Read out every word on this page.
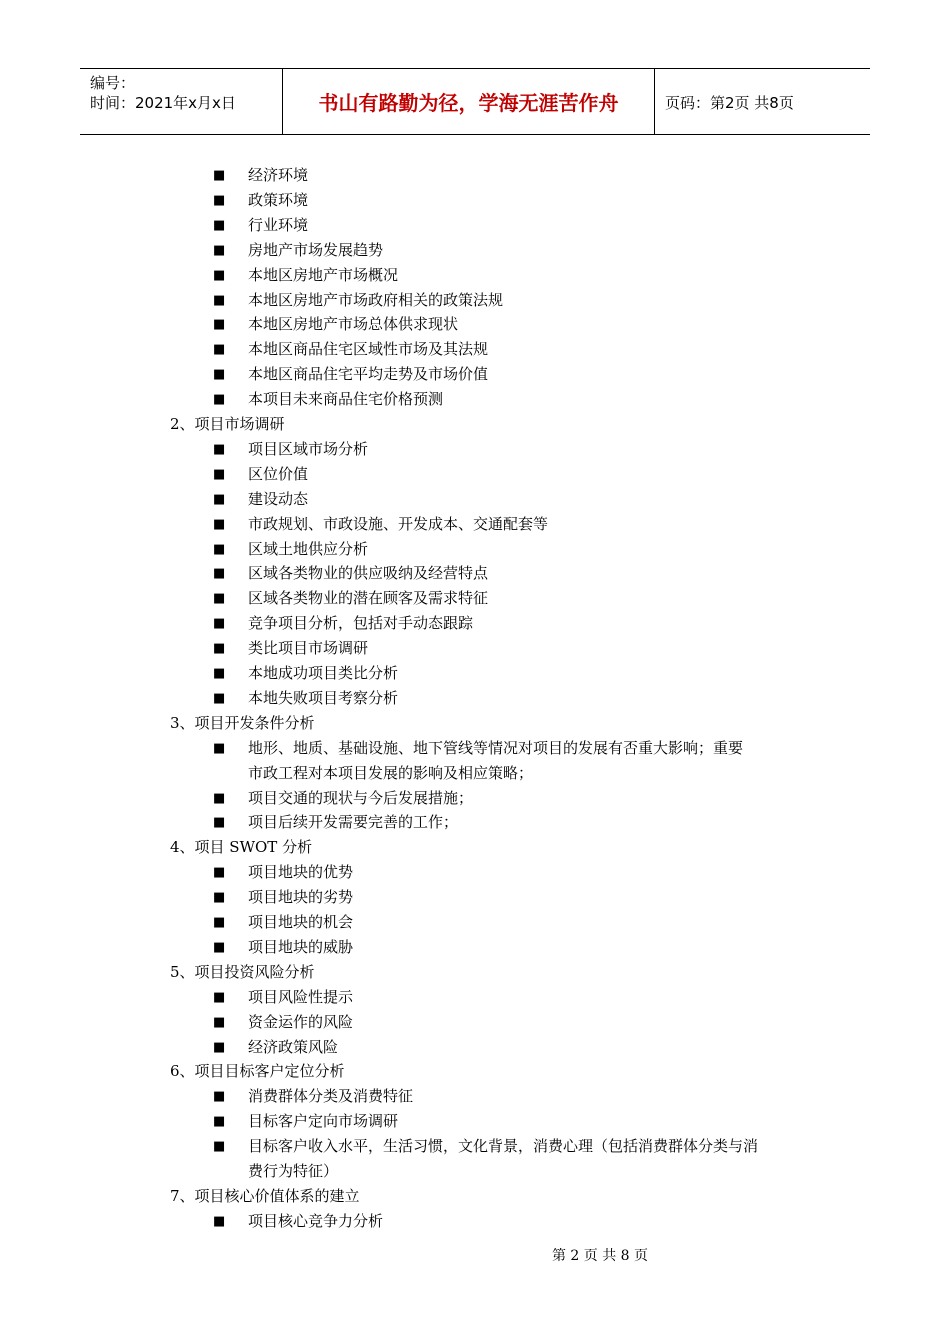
编号：
时间：2021年x月x日	书山有路勤为径，学海无涯苦作舟	页码：第2页 共8页
■ 经济环境
■ 政策环境
■ 行业环境
■ 房地产市场发展趋势
■ 本地区房地产市场概况
■ 本地区房地产市场政府相关的政策法规
■ 本地区房地产市场总体供求现状
■ 本地区商品住宅区域性市场及其法规
■ 本地区商品住宅平均走势及市场价值
■ 本项目未来商品住宅价格预测
2、项目市场调研
■ 项目区域市场分析
■ 区位价值
■ 建设动态
■ 市政规划、市政设施、开发成本、交通配套等
■ 区域土地供应分析
■ 区域各类物业的供应吸纳及经营特点
■ 区域各类物业的潜在顾客及需求特征
■ 竞争项目分析，包括对手动态跟踪
■ 类比项目市场调研
■ 本地成功项目类比分析
■ 本地失败项目考察分析
3、项目开发条件分析
■ 地形、地质、基础设施、地下管线等情况对项目的发展有否重大影响；重要
市政工程对本项目发展的影响及相应策略；
■ 项目交通的现状与今后发展措施；
■ 项目后续开发需要完善的工作；
4、项目 SWOT 分析
■ 项目地块的优势
■ 项目地块的劣势
■ 项目地块的机会
■ 项目地块的威胁
5、项目投资风险分析
■ 项目风险性提示
■ 资金运作的风险
■ 经济政策风险
6、项目目标客户定位分析
■ 消费群体分类及消费特征
■ 目标客户定向市场调研
■ 目标客户收入水平，生活习惯，文化背景，消费心理（包括消费群体分类与消
费行为特征）
7、项目核心价值体系的建立
■ 项目核心竞争力分析
第 2 页 共 8 页
